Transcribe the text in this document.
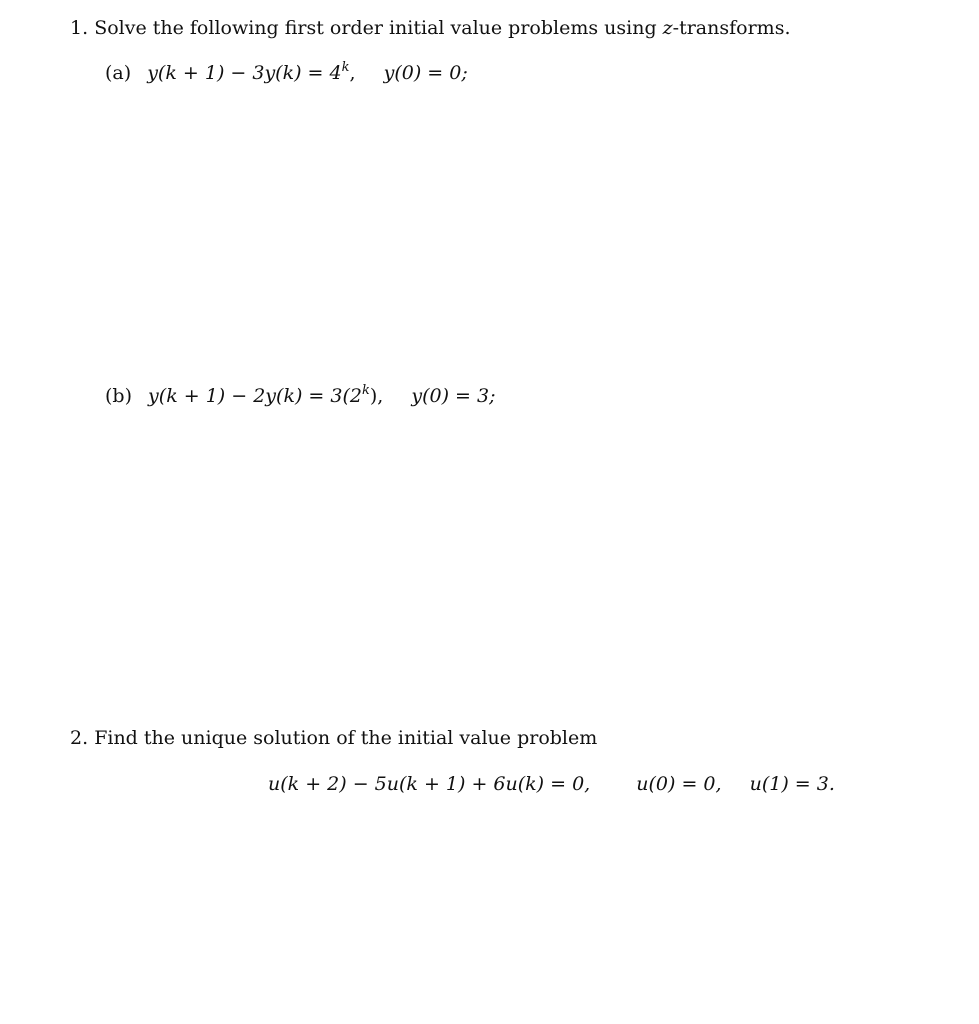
1. Solve the following first order initial value problems using z-transforms.
(a) $y(k + 1) - 3y(k) = 4^k$, y(0) = 0;
(b) $y(k + 1) - 2y(k) = 3(2^k)$, y(0) = 3;
2. Find the unique solution of the initial value problem
u(k + 2) − 5u(k + 1) + 6u(k) = 0, u(0) = 0, u(1) = 3.
